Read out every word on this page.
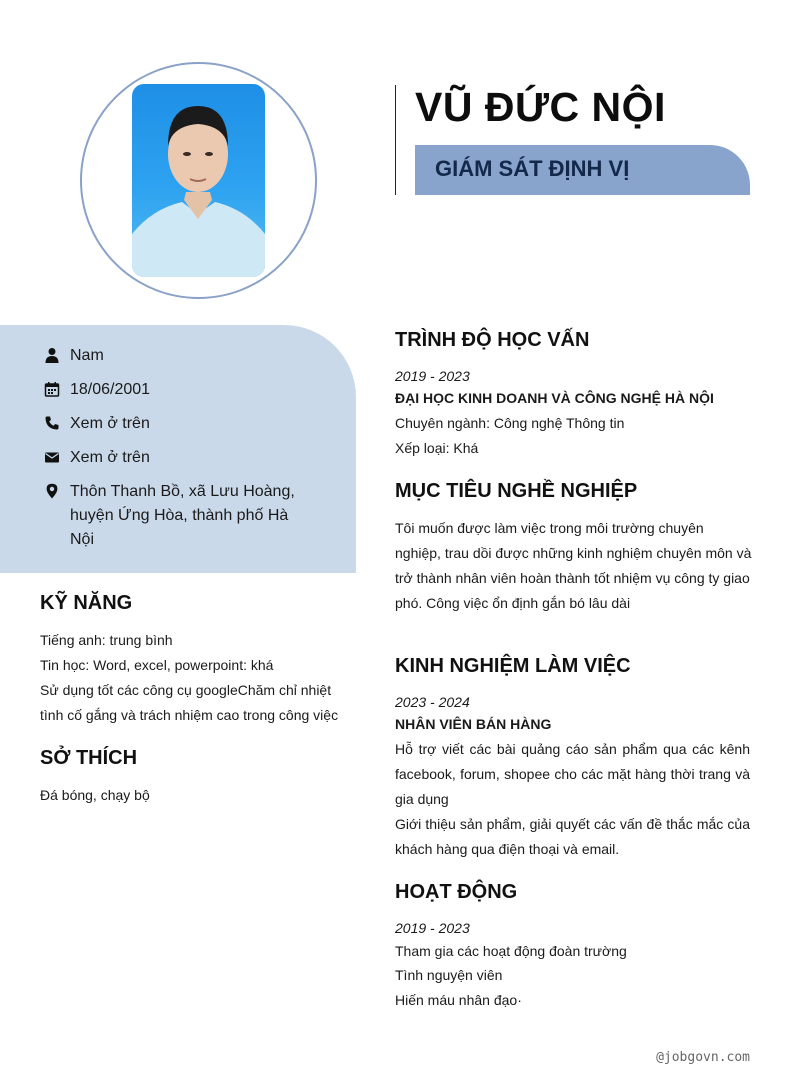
VŨ ĐỨC NỘI
GIÁM SÁT ĐỊNH VỊ
Nam
18/06/2001
Xem ở trên
Xem ở trên
Thôn Thanh Bồ, xã Lưu Hoàng, huyện Ứng Hòa, thành phố Hà Nội
KỸ NĂNG
Tiếng anh: trung bình
Tin học: Word, excel, powerpoint: khá
Sử dụng tốt các công cụ googleChăm chỉ nhiệt tình cố gắng và trách nhiệm cao trong công việc
SỞ THÍCH
Đá bóng, chạy bộ
TRÌNH ĐỘ HỌC VẤN
2019 - 2023
ĐẠI HỌC KINH DOANH VÀ CÔNG NGHỆ HÀ NỘI
Chuyên ngành: Công nghệ Thông tin
Xếp loại: Khá
MỤC TIÊU NGHỀ NGHIỆP
Tôi muốn được làm việc trong môi trường chuyên nghiệp, trau dồi được những kinh nghiệm chuyên môn và trở thành nhân viên hoàn thành tốt nhiệm vụ công ty giao phó. Công việc ổn định gắn bó lâu dài
KINH NGHIỆM LÀM VIỆC
2023 - 2024
NHÂN VIÊN BÁN HÀNG
Hỗ trợ viết các bài quảng cáo sản phẩm qua các kênh facebook, forum, shopee cho các mặt hàng thời trang và gia dụng
Giới thiệu sản phẩm, giải quyết các vấn đề thắc mắc của khách hàng qua điện thoại và email.
HOẠT ĐỘNG
2019 - 2023
Tham gia các hoạt động đoàn trường
Tình nguyện viên
Hiến máu nhân đạo·
@jobgovn.com
